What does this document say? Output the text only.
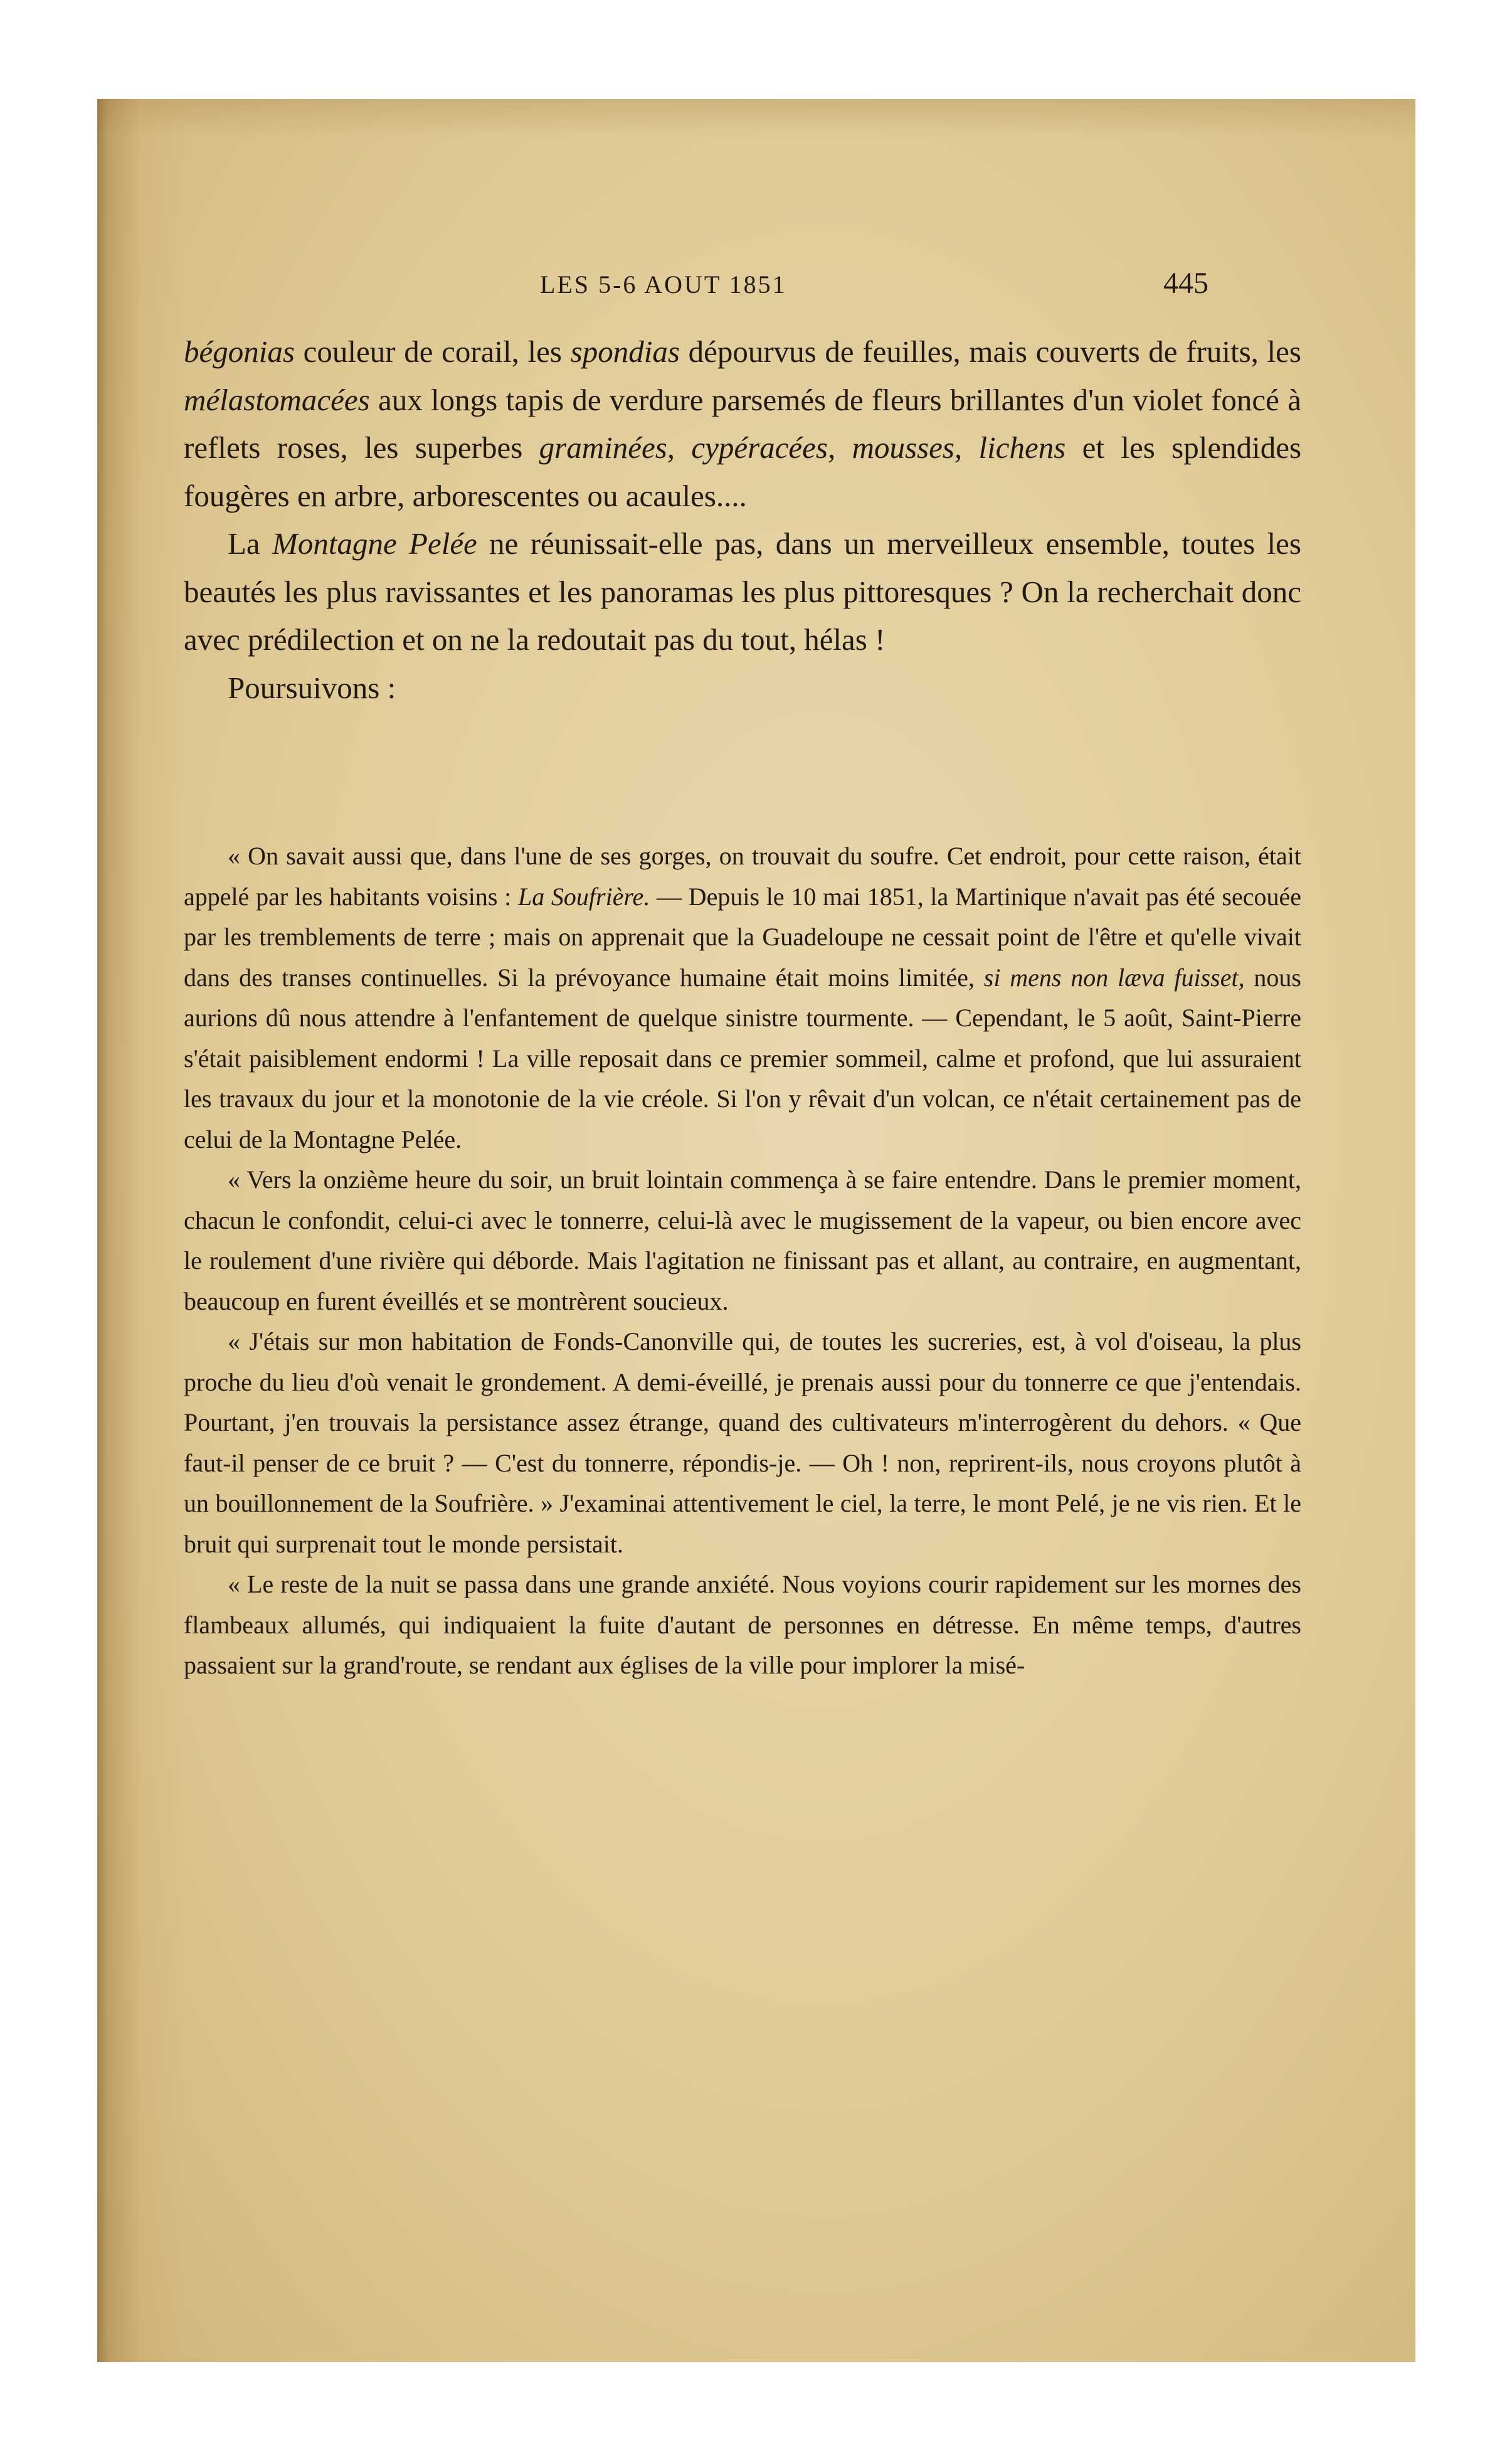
LES 5-6 AOUT 1851	445

bégonias couleur de corail, les spondias dépourvus de feuilles, mais couverts de fruits, les mélastomacées aux longs tapis de verdure parsemés de fleurs brillantes d'un violet foncé à reflets roses, les superbes graminées, cypéracées, mousses, lichens et les splendides fougères en arbre, arborescentes ou acaules....

La Montagne Pelée ne réunissait-elle pas, dans un merveilleux ensemble, toutes les beautés les plus ravissantes et les panoramas les plus pittoresques ? On la recherchait donc avec prédilection et on ne la redoutait pas du tout, hélas !

Poursuivons :

« On savait aussi que, dans l'une de ses gorges, on trouvait du soufre. Cet endroit, pour cette raison, était appelé par les habitants voisins : La Soufrière. — Depuis le 10 mai 1851, la Martinique n'avait pas été secouée par les tremblements de terre ; mais on apprenait que la Guadeloupe ne cessait point de l'être et qu'elle vivait dans des transes continuelles. Si la prévoyance humaine était moins limitée, si mens non læva fuisset, nous aurions dû nous attendre à l'enfantement de quelque sinistre tourmente. — Cependant, le 5 août, Saint-Pierre s'était paisiblement endormi ! La ville reposait dans ce premier sommeil, calme et profond, que lui assuraient les travaux du jour et la monotonie de la vie créole. Si l'on y rêvait d'un volcan, ce n'était certainement pas de celui de la Montagne Pelée.

« Vers la onzième heure du soir, un bruit lointain commença à se faire entendre. Dans le premier moment, chacun le confondit, celui-ci avec le tonnerre, celui-là avec le mugissement de la vapeur, ou bien encore avec le roulement d'une rivière qui déborde. Mais l'agitation ne finissant pas et allant, au contraire, en augmentant, beaucoup en furent éveillés et se montrèrent soucieux.

« J'étais sur mon habitation de Fonds-Canonville qui, de toutes les sucreries, est, à vol d'oiseau, la plus proche du lieu d'où venait le grondement. A demi-éveillé, je prenais aussi pour du tonnerre ce que j'entendais. Pourtant, j'en trouvais la persistance assez étrange, quand des cultivateurs m'interrogèrent du dehors. « Que faut-il penser de ce bruit ? — C'est du tonnerre, répondis-je. — Oh ! non, reprirent-ils, nous croyons plutôt à un bouillonnement de la Soufrière. » J'examinai attentivement le ciel, la terre, le mont Pelé, je ne vis rien. Et le bruit qui surprenait tout le monde persistait.

« Le reste de la nuit se passa dans une grande anxiété. Nous voyions courir rapidement sur les mornes des flambeaux allumés, qui indiquaient la fuite d'autant de personnes en détresse. En même temps, d'autres passaient sur la grand'route, se rendant aux églises de la ville pour implorer la misé-
